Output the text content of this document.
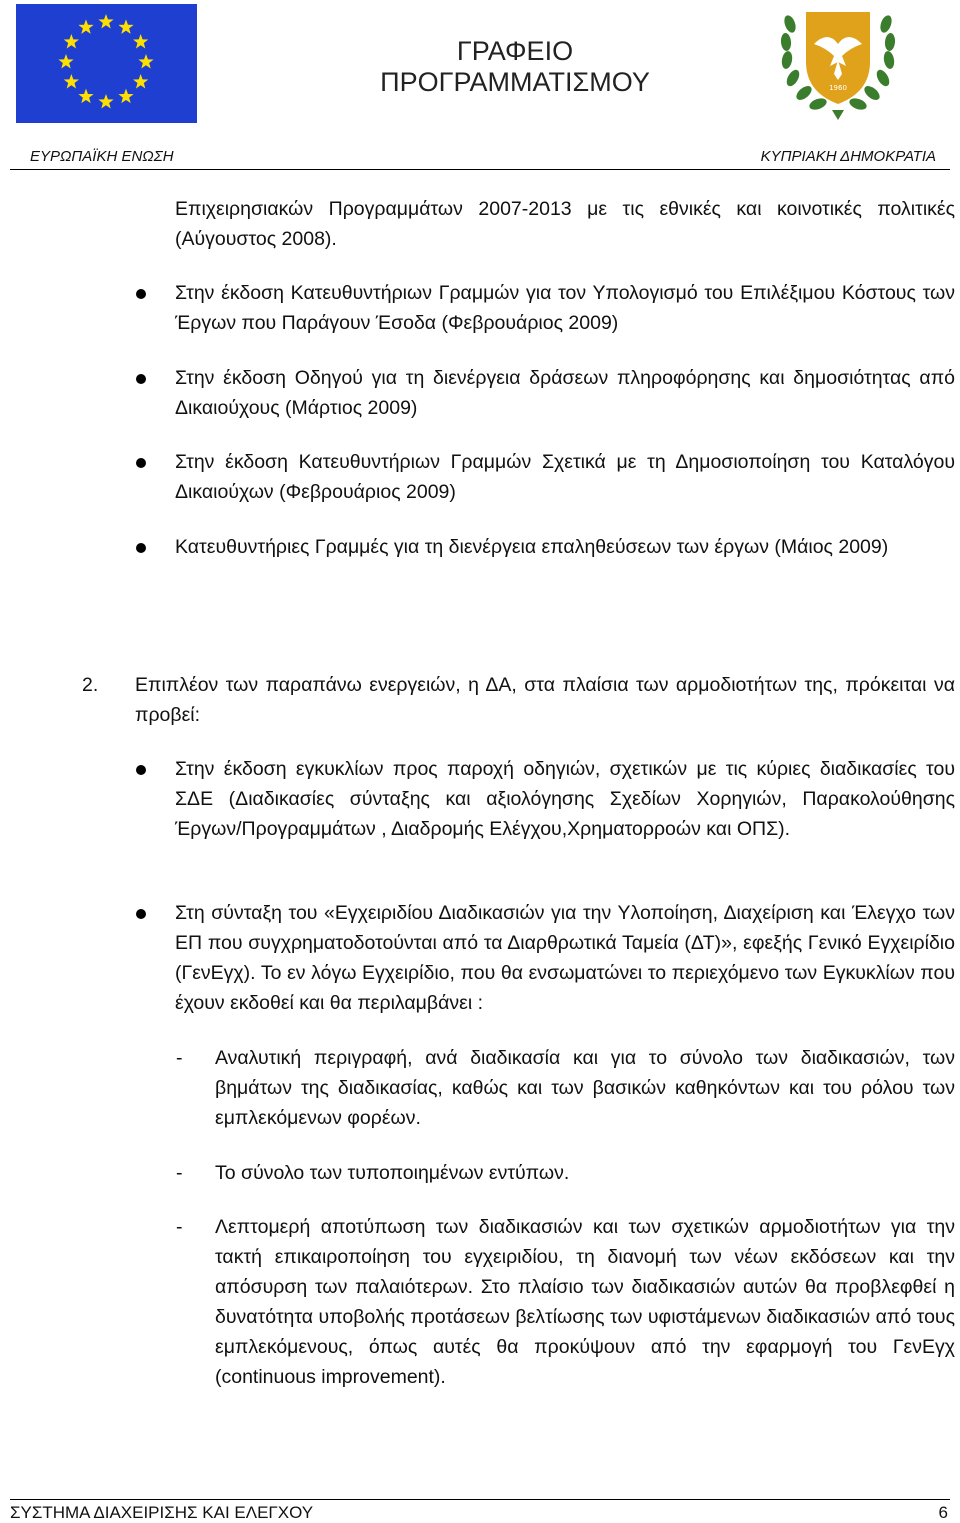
ΓΡΑΦΕΙΟ
ΠΡΟΓΡΑΜΜΑΤΙΣΜΟΥ	1960
ΕΥΡΩΠΑΪΚΗ ΕΝΩΣΗ	ΚΥΠΡΙΑΚΗ ΔΗΜΟΚΡΑΤΙΑ
Επιχειρησιακών Προγραμμάτων 2007-2013 με τις εθνικές και κοινοτικές πολιτικές (Αύγουστος 2008).
Στην έκδοση Κατευθυντήριων Γραμμών για τον Υπολογισμό του Επιλέξιμου Κόστους των Έργων που Παράγουν Έσοδα (Φεβρουάριος 2009)
Στην έκδοση Οδηγού για τη διενέργεια δράσεων πληροφόρησης και δημοσιότητας από Δικαιούχους (Μάρτιος 2009)
Στην έκδοση Κατευθυντήριων Γραμμών Σχετικά με τη Δημοσιοποίηση του Καταλόγου Δικαιούχων (Φεβρουάριος 2009)
Κατευθυντήριες Γραμμές για τη διενέργεια επαληθεύσεων των έργων (Μάιος 2009)
2. Επιπλέον των παραπάνω ενεργειών, η ΔΑ, στα πλαίσια των αρμοδιοτήτων της, πρόκειται να προβεί:
Στην έκδοση εγκυκλίων προς παροχή οδηγιών, σχετικών με τις κύριες διαδικασίες του ΣΔΕ (Διαδικασίες σύνταξης και αξιολόγησης Σχεδίων Χορηγιών, Παρακολούθησης Έργων/Προγραμμάτων , Διαδρομής Ελέγχου,Χρηματορροών και ΟΠΣ).
Στη σύνταξη του «Εγχειριδίου Διαδικασιών για την Υλοποίηση, Διαχείριση και Έλεγχο των ΕΠ που συγχρηματοδοτούνται από τα Διαρθρωτικά Ταμεία (ΔΤ)», εφεξής Γενικό Εγχειρίδιο (ΓενΕγχ). Το εν λόγω Εγχειρίδιο, που θα ενσωματώνει το περιεχόμενο των Εγκυκλίων που έχουν εκδοθεί και θα περιλαμβάνει :
- Αναλυτική περιγραφή, ανά διαδικασία και για το σύνολο των διαδικασιών, των βημάτων της διαδικασίας, καθώς και των βασικών καθηκόντων και του ρόλου των εμπλεκόμενων φορέων.
- Το σύνολο των τυποποιημένων εντύπων.
- Λεπτομερή αποτύπωση των διαδικασιών και των σχετικών αρμοδιοτήτων για την τακτή επικαιροποίηση του εγχειριδίου, τη διανομή των νέων εκδόσεων και την απόσυρση των παλαιότερων. Στο πλαίσιο των διαδικασιών αυτών θα προβλεφθεί η δυνατότητα υποβολής προτάσεων βελτίωσης των υφιστάμενων διαδικασιών από τους εμπλεκόμενους, όπως αυτές θα προκύψουν από την εφαρμογή του ΓενΕγχ (continuous improvement).
ΣΥΣΤΗΜΑ ΔΙΑΧΕΙΡΙΣΗΣ ΚΑΙ ΕΛΕΓΧΟΥ	6
